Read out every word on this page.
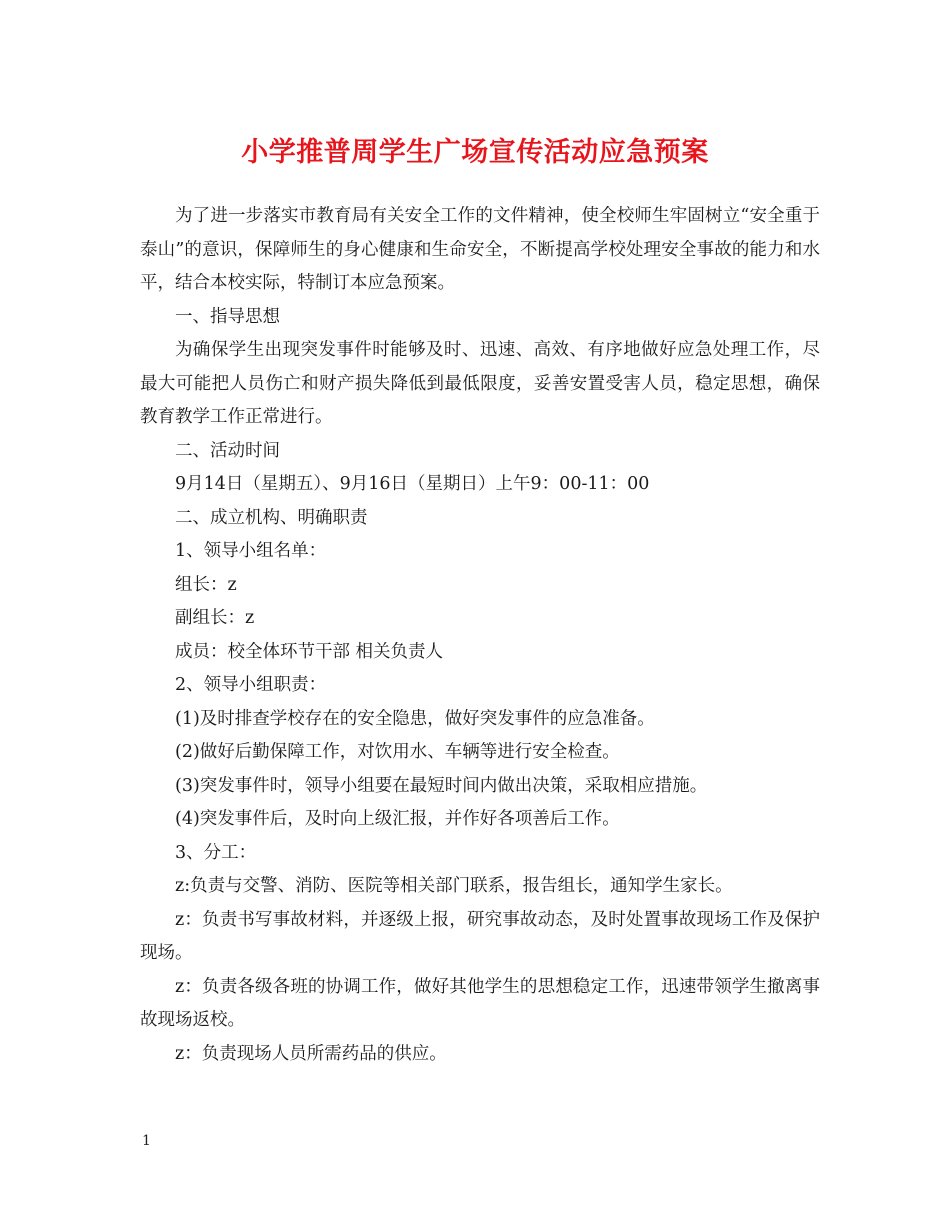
小学推普周学生广场宣传活动应急预案

为了进一步落实市教育局有关安全工作的文件精神，使全校师生牢固树立“安全重于泰山”的意识，保障师生的身心健康和生命安全，不断提高学校处理安全事故的能力和水平，结合本校实际，特制订本应急预案。

一、指导思想

为确保学生出现突发事件时能够及时、迅速、高效、有序地做好应急处理工作，尽最大可能把人员伤亡和财产损失降低到最低限度，妥善安置受害人员，稳定思想，确保教育教学工作正常进行。

二、活动时间

9月14日（星期五）、9月16日（星期日）上午9：00-11：00

二、成立机构、明确职责

1、领导小组名单：

组长：z

副组长：z

成员：校全体环节干部 相关负责人

2、领导小组职责：

(1)及时排查学校存在的安全隐患，做好突发事件的应急准备。

(2)做好后勤保障工作，对饮用水、车辆等进行安全检查。

(3)突发事件时，领导小组要在最短时间内做出决策，采取相应措施。

(4)突发事件后，及时向上级汇报，并作好各项善后工作。

3、分工：

z:负责与交警、消防、医院等相关部门联系，报告组长，通知学生家长。

z：负责书写事故材料，并逐级上报，研究事故动态，及时处置事故现场工作及保护现场。

z：负责各级各班的协调工作，做好其他学生的思想稳定工作，迅速带领学生撤离事故现场返校。

z：负责现场人员所需药品的供应。

1
